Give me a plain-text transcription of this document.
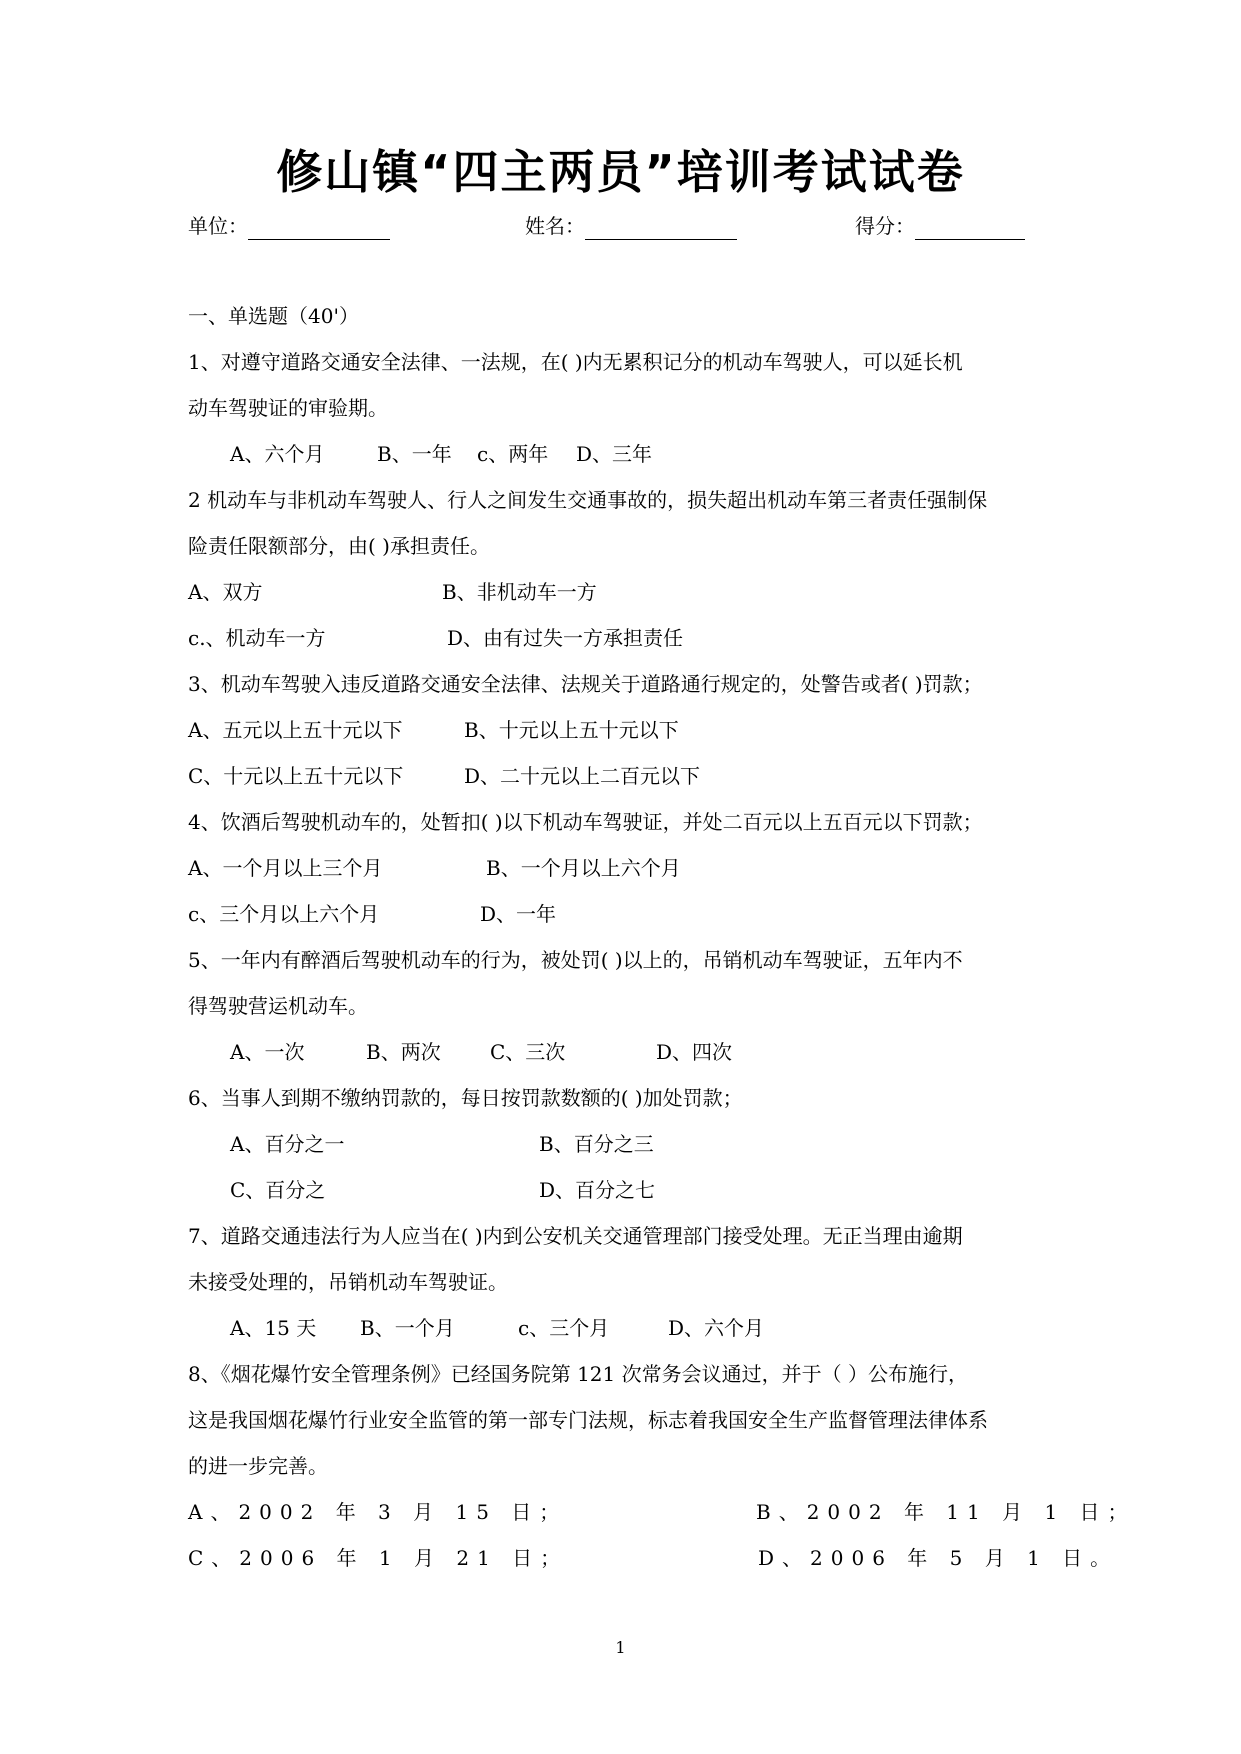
修山镇“四主两员”培训考试试卷
单位：	姓名：	得分：
一、单选题（40'）
1、对遵守道路交通安全法律、一法规，在( )内无累积记分的机动车驾驶人，可以延长机
动车驾驶证的审验期。
A、六个月	B、一年 c、两年 D、三年
2 机动车与非机动车驾驶人、行人之间发生交通事故的，损失超出机动车第三者责任强制保
险责任限额部分，由( )承担责任。
A、双方	B、非机动车一方
c.、机动车一方	D、由有过失一方承担责任
3、机动车驾驶入违反道路交通安全法律、法规关于道路通行规定的，处警告或者( )罚款；
A、五元以上五十元以下	B、十元以上五十元以下
C、十元以上五十元以下	D、二十元以上二百元以下
4、饮酒后驾驶机动车的，处暂扣( )以下机动车驾驶证，并处二百元以上五百元以下罚款；
A、一个月以上三个月	B、一个月以上六个月
c、三个月以上六个月	D、一年
5、一年内有醉酒后驾驶机动车的行为，被处罚( )以上的，吊销机动车驾驶证，五年内不
得驾驶营运机动车。
A、一次	B、两次 C、三次	D、四次
6、当事人到期不缴纳罚款的，每日按罚款数额的( )加处罚款；
A、百分之一	B、百分之三
C、百分之	D、百分之七
7、道路交通违法行为人应当在( )内到公安机关交通管理部门接受处理。无正当理由逾期
未接受处理的，吊销机动车驾驶证。
A、15 天 B、一个月	c、三个月	D、六个月
8、《烟花爆竹安全管理条例》已经国务院第 121 次常务会议通过，并于（ ）公布施行，
这是我国烟花爆竹行业安全监管的第一部专门法规，标志着我国安全生产监督管理法律体系
的进一步完善。
A、2002 年 3 月 15 日；	B、2002 年 11 月 1 日；
C、2006 年 1 月 21 日；	D、2006 年 5 月 1 日。
1
